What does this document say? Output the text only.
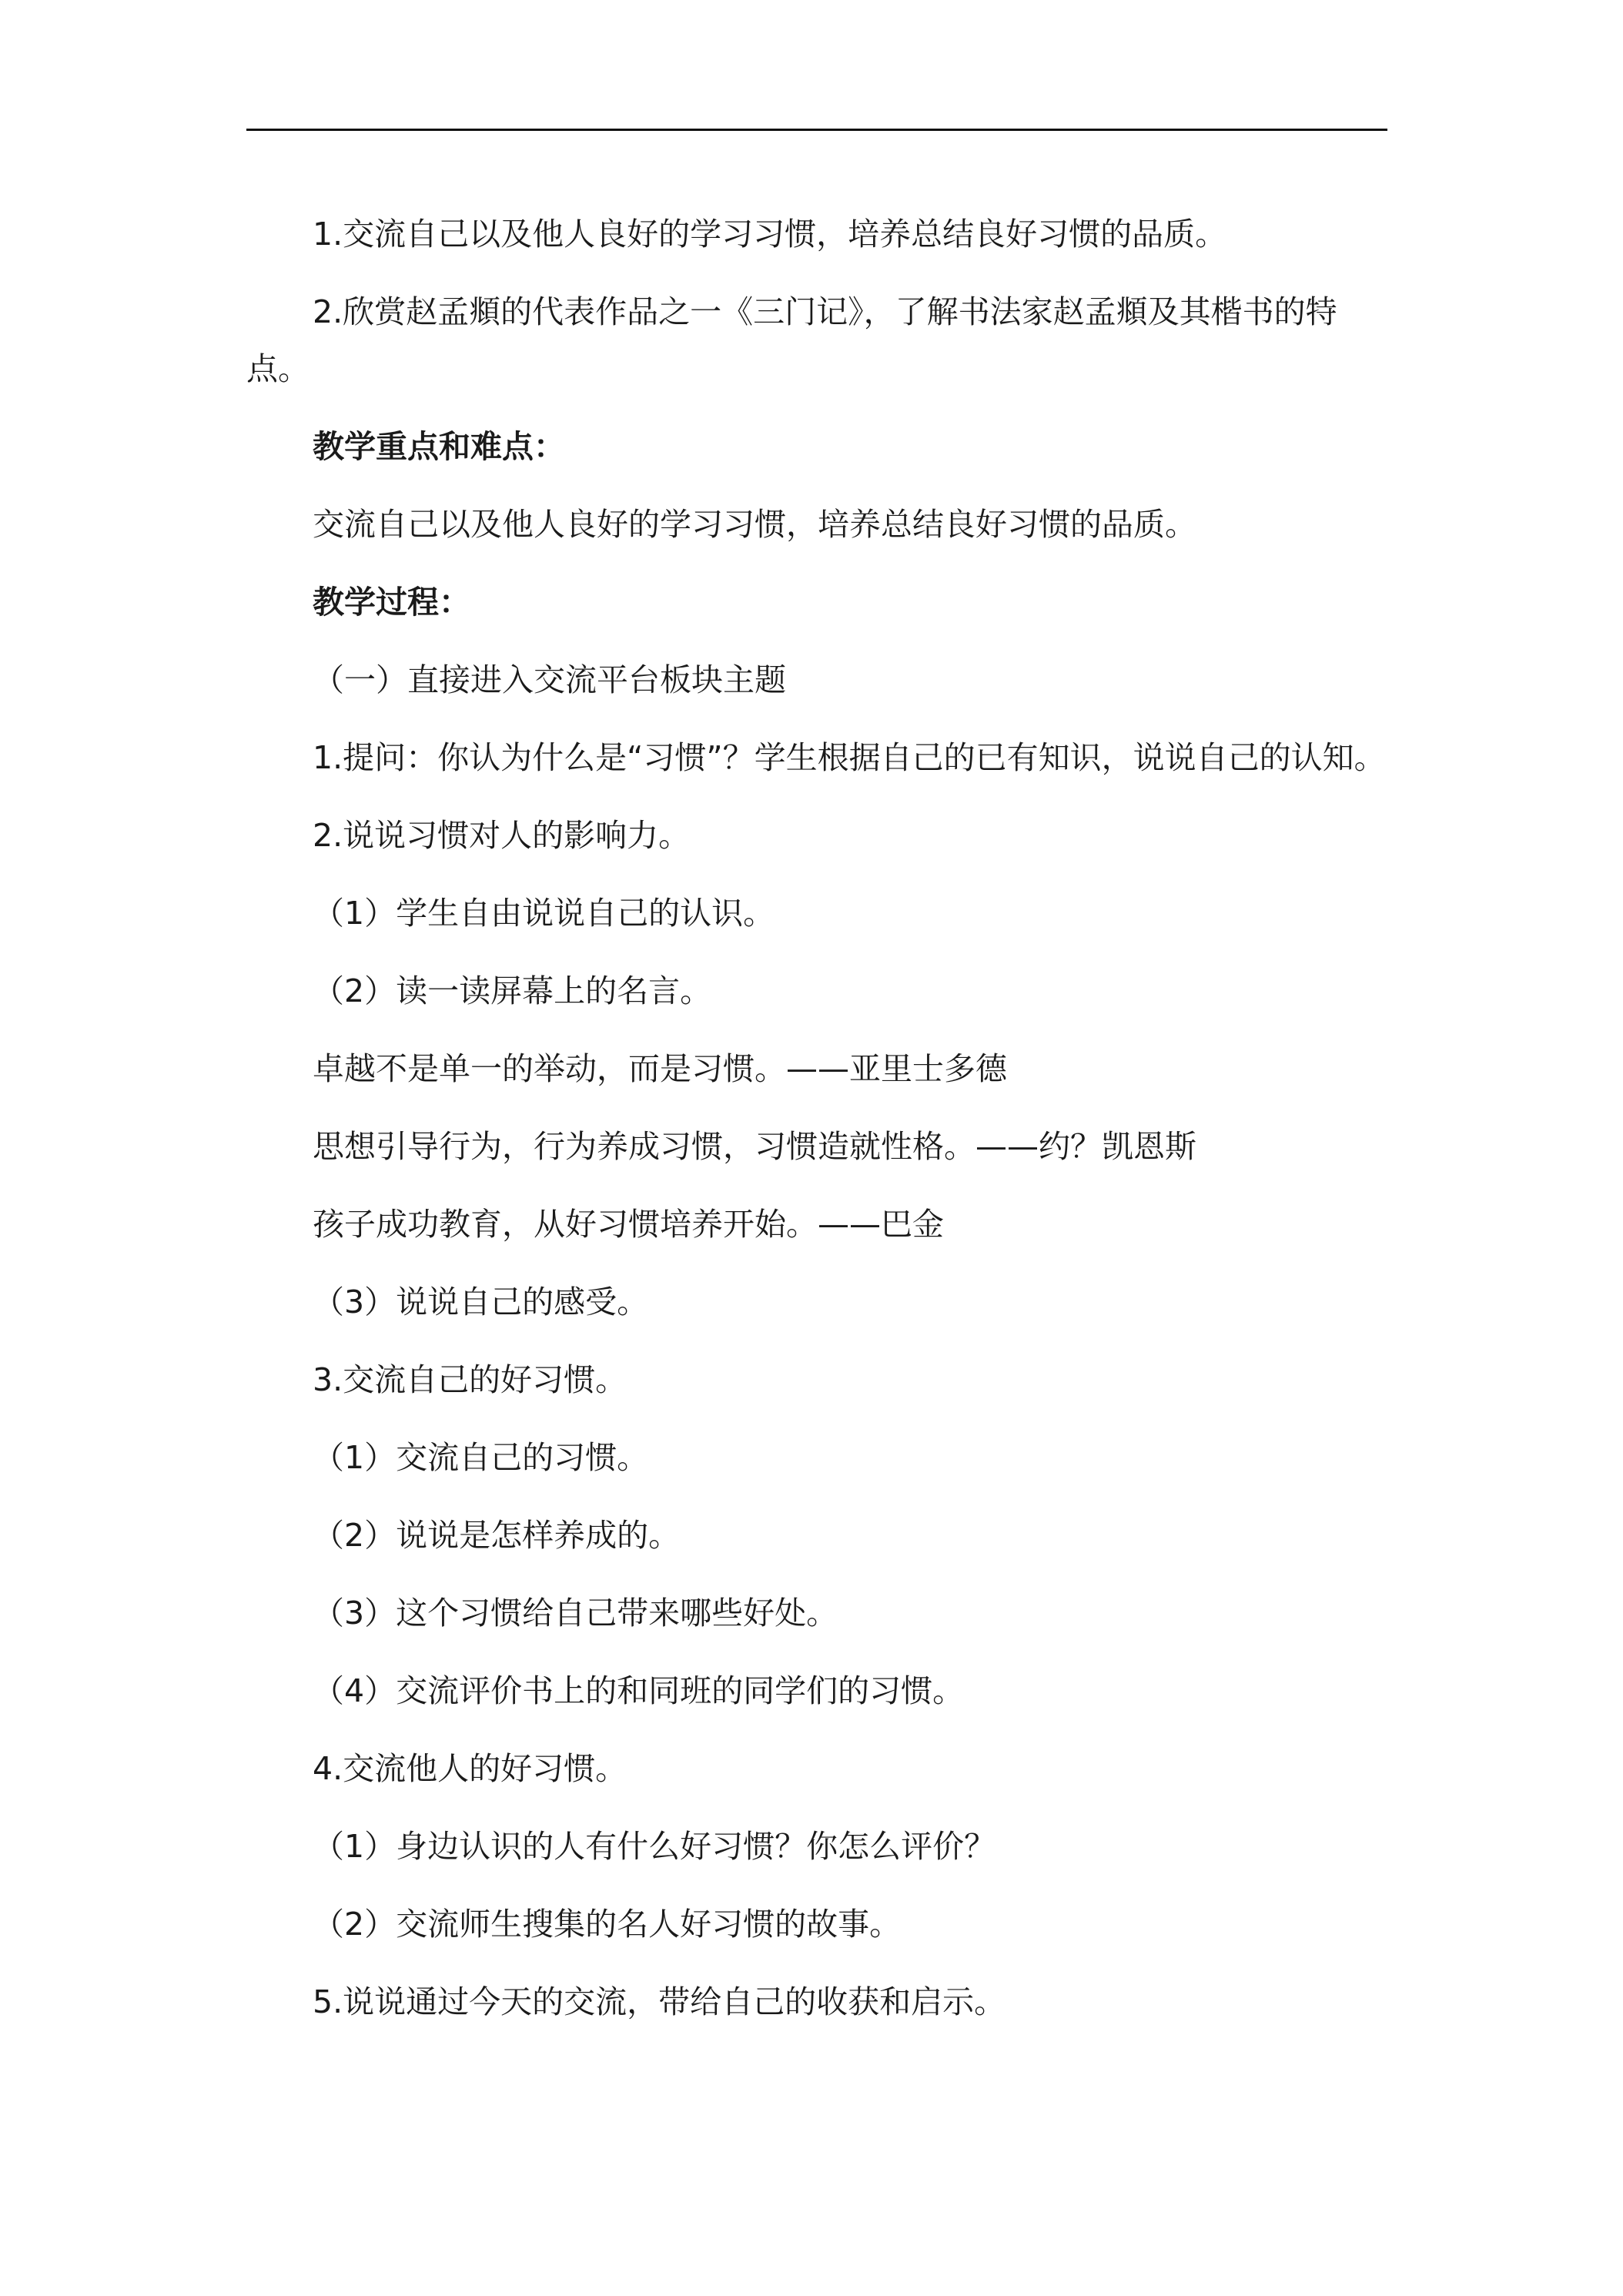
1.交流自己以及他人良好的学习习惯，培养总结良好习惯的品质。

2.欣赏赵孟頫的代表作品之一《三门记》，了解书法家赵孟頫及其楷书的特点。

教学重点和难点：

交流自己以及他人良好的学习习惯，培养总结良好习惯的品质。

教学过程：

（一）直接进入交流平台板块主题

1.提问：你认为什么是“习惯”？学生根据自己的已有知识，说说自己的认知。

2.说说习惯对人的影响力。

（1）学生自由说说自己的认识。

（2）读一读屏幕上的名言。

卓越不是单一的举动，而是习惯。——亚里士多德

思想引导行为，行为养成习惯，习惯造就性格。——约？凯恩斯

孩子成功教育，从好习惯培养开始。——巴金

（3）说说自己的感受。

3.交流自己的好习惯。

（1）交流自己的习惯。

（2）说说是怎样养成的。

（3）这个习惯给自己带来哪些好处。

（4）交流评价书上的和同班的同学们的习惯。

4.交流他人的好习惯。

（1）身边认识的人有什么好习惯？你怎么评价？

（2）交流师生搜集的名人好习惯的故事。

5.说说通过今天的交流，带给自己的收获和启示。
